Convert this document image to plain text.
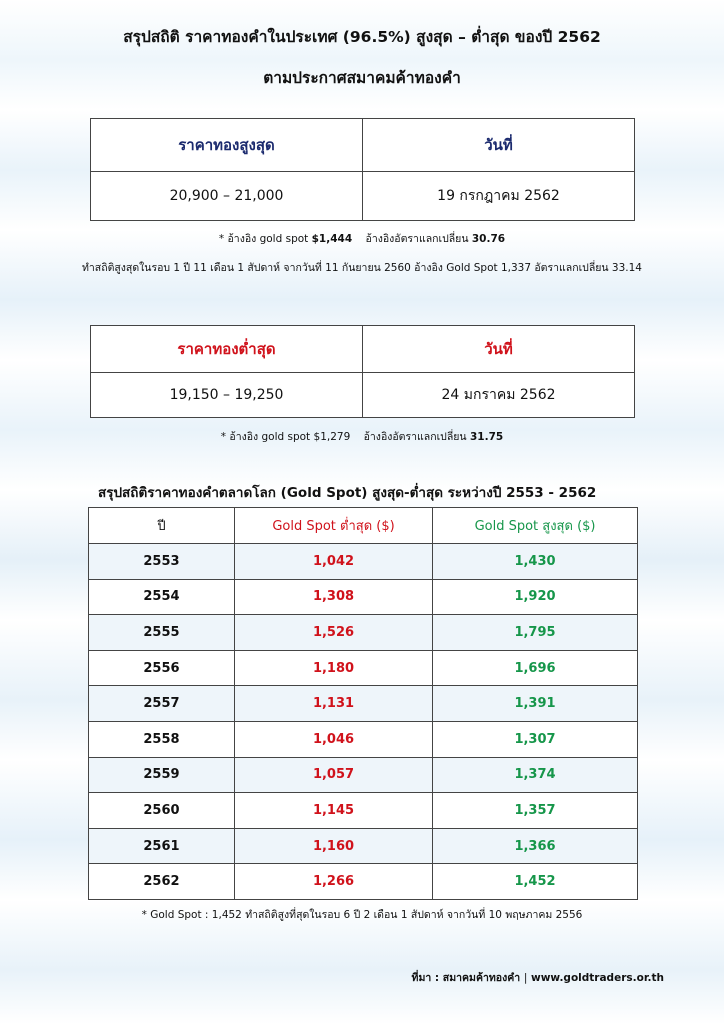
สรุปสถิติ ราคาทองคำในประเทศ (96.5%) สูงสุด – ต่ำสุด ของปี 2562
ตามประกาศสมาคมค้าทองคำ
ราคาทองสูงสุด	วันที่
20,900 – 21,000	19 กรกฎาคม 2562
* อ้างอิง gold spot $1,444 อ้างอิงอัตราแลกเปลี่ยน 30.76
ทำสถิติสูงสุดในรอบ 1 ปี 11 เดือน 1 สัปดาห์ จากวันที่ 11 กันยายน 2560 อ้างอิง Gold Spot 1,337 อัตราแลกเปลี่ยน 33.14
ราคาทองต่ำสุด	วันที่
19,150 – 19,250	24 มกราคม 2562
* อ้างอิง gold spot $1,279 อ้างอิงอัตราแลกเปลี่ยน 31.75
สรุปสถิติราคาทองคำตลาดโลก (Gold Spot) สูงสุด-ต่ำสุด ระหว่างปี 2553 - 2562
ปี	Gold Spot ต่ำสุด ($)	Gold Spot สูงสุด ($)
2553	1,042	1,430
2554	1,308	1,920
2555	1,526	1,795
2556	1,180	1,696
2557	1,131	1,391
2558	1,046	1,307
2559	1,057	1,374
2560	1,145	1,357
2561	1,160	1,366
2562	1,266	1,452
* Gold Spot : 1,452 ทำสถิติสูงที่สุดในรอบ 6 ปี 2 เดือน 1 สัปดาห์ จากวันที่ 10 พฤษภาคม 2556
ที่มา : สมาคมค้าทองคำ | www.goldtraders.or.th
